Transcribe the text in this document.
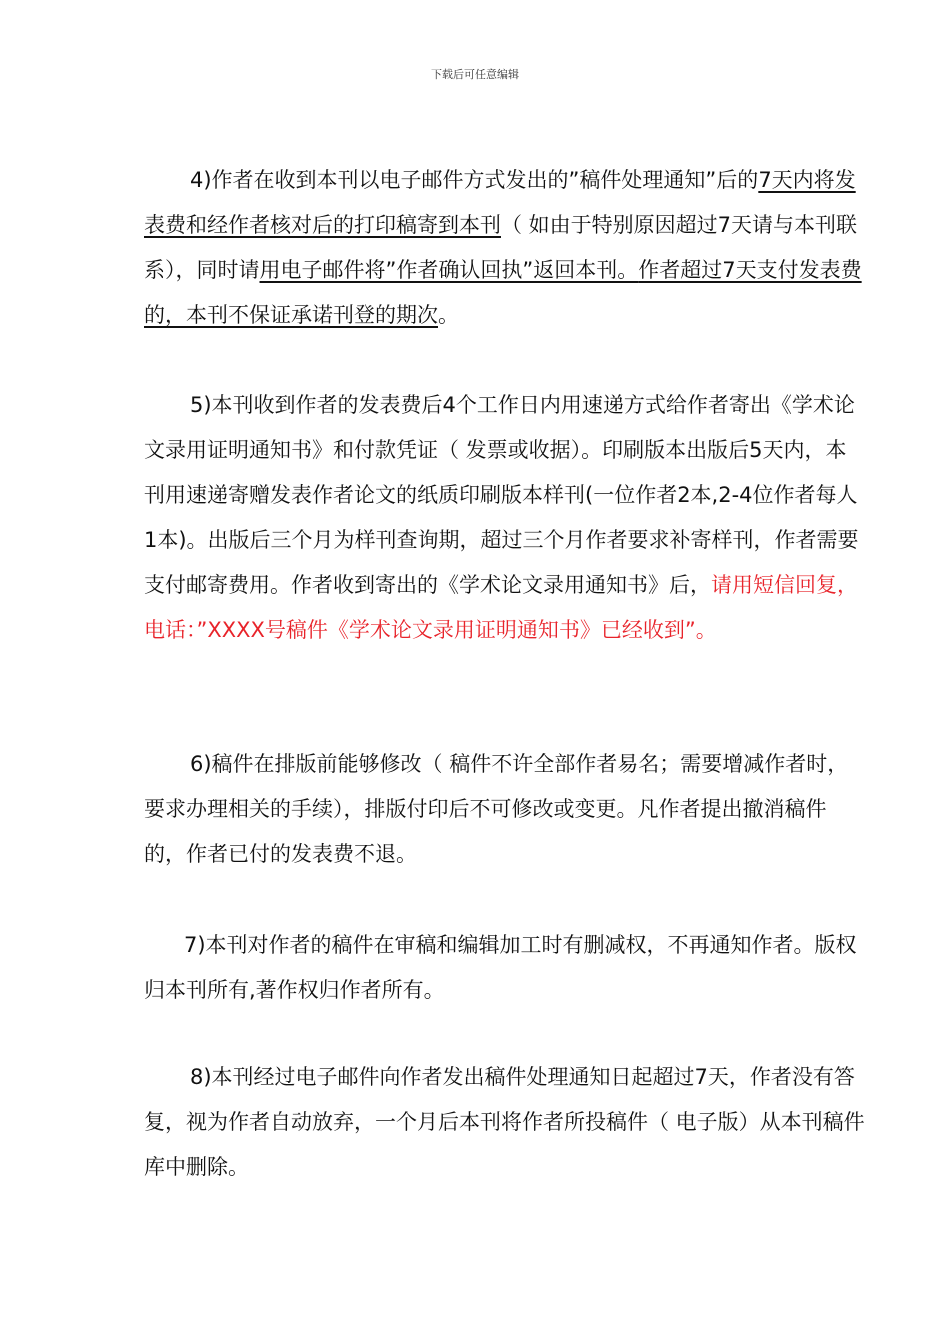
下载后可任意编辑

4)作者在收到本刊以电子邮件方式发出的”稿件处理通知”后的7天内将发表费和经作者核对后的打印稿寄到本刊（ 如由于特别原因超过7天请与本刊联系），同时请用电子邮件将”作者确认回执”返回本刊。作者超过7天支付发表费的，本刊不保证承诺刊登的期次。

5)本刊收到作者的发表费后4个工作日内用速递方式给作者寄出《学术论文录用证明通知书》和付款凭证（ 发票或收据）。印刷版本出版后5天内，本刊用速递寄赠发表作者论文的纸质印刷版本样刊(一位作者2本,2-4位作者每人1本)。出版后三个月为样刊查询期，超过三个月作者要求补寄样刊，作者需要支付邮寄费用。作者收到寄出的《学术论文录用通知书》后，请用短信回复，电话：”XXXX号稿件《学术论文录用证明通知书》已经收到”。

6)稿件在排版前能够修改（ 稿件不许全部作者易名；需要增减作者时，要求办理相关的手续），排版付印后不可修改或变更。凡作者提出撤消稿件的，作者已付的发表费不退。

7)本刊对作者的稿件在审稿和编辑加工时有删减权，不再通知作者。版权归本刊所有,著作权归作者所有。

8)本刊经过电子邮件向作者发出稿件处理通知日起超过7天，作者没有答复，视为作者自动放弃，一个月后本刊将作者所投稿件（ 电子版）从本刊稿件库中删除。
